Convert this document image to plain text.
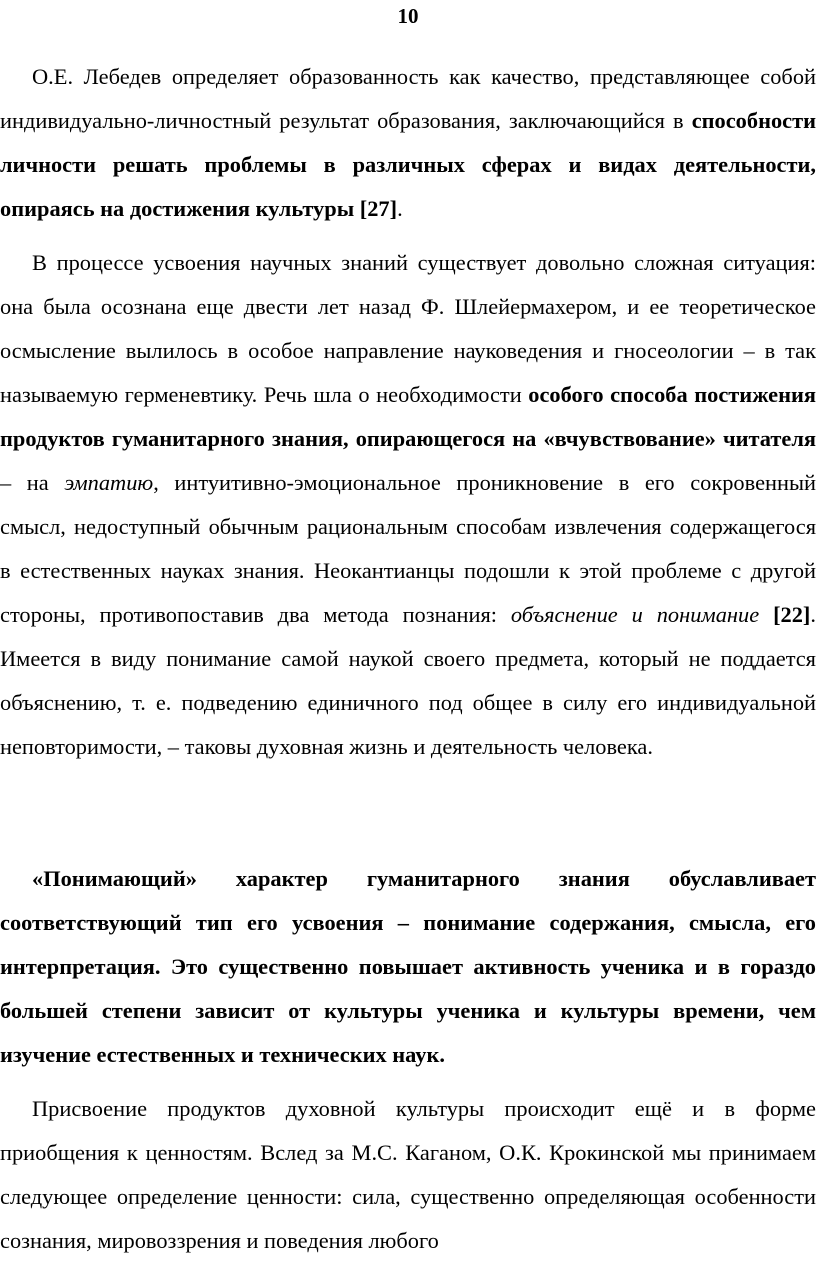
10

О.Е. Лебедев определяет образованность как качество, представляющее собой индивидуально-личностный результат образования, заключающийся в способности личности решать проблемы в различных сферах и видах деятельности, опираясь на достижения культуры [27].

В процессе усвоения научных знаний существует довольно сложная ситуация: она была осознана еще двести лет назад Ф. Шлейермахером, и ее теоретическое осмысление вылилось в особое направление науковедения и гносеологии – в так называемую герменевтику. Речь шла о необходимости особого способа постижения продуктов гуманитарного знания, опирающегося на «вчувствование» читателя – на эмпатию, интуитивно-эмоциональное проникновение в его сокровенный смысл, недоступный обычным рациональным способам извлечения содержащегося в естественных науках знания. Неокантианцы подошли к этой проблеме с другой стороны, противопоставив два метода познания: объяснение и понимание [22]. Имеется в виду понимание самой наукой своего предмета, который не поддается объяснению, т. е. подведению единичного под общее в силу его индивидуальной неповторимости, – таковы духовная жизнь и деятельность человека.

«Понимающий» характер гуманитарного знания обуславливает соответствующий тип его усвоения – понимание содержания, смысла, его интерпретация. Это существенно повышает активность ученика и в гораздо большей степени зависит от культуры ученика и культуры времени, чем изучение естественных и технических наук.

Присвоение продуктов духовной культуры происходит ещё и в форме приобщения к ценностям. Вслед за М.С. Каганом, О.К. Крокинской мы принимаем следующее определение ценности: сила, существенно определяющая особенности сознания, мировоззрения и поведения любого
